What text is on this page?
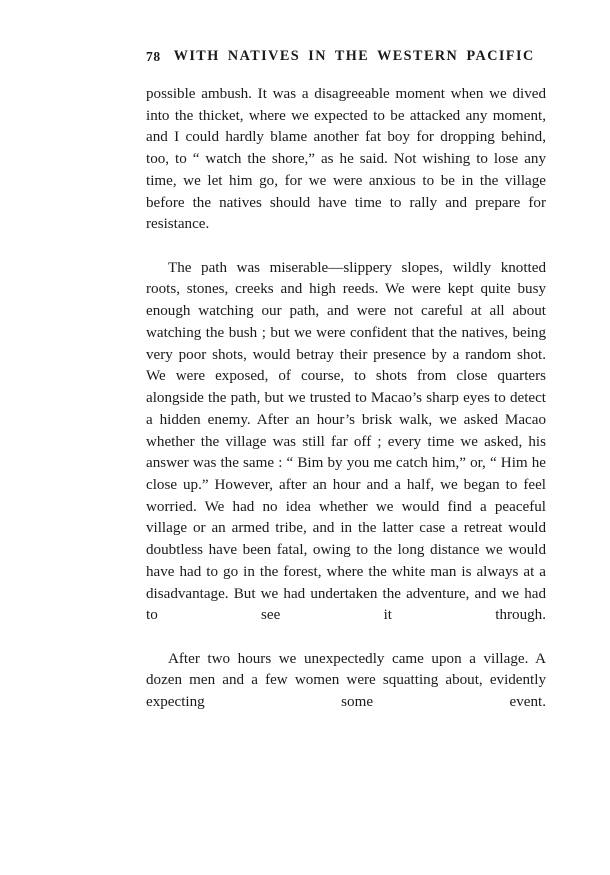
78 WITH NATIVES IN THE WESTERN PACIFIC

possible ambush. It was a disagreeable moment when we dived into the thicket, where we expected to be attacked any moment, and I could hardly blame another fat boy for dropping behind, too, to “ watch the shore,” as he said. Not wishing to lose any time, we let him go, for we were anxious to be in the village before the natives should have time to rally and prepare for resistance.

The path was miserable—slippery slopes, wildly knotted roots, stones, creeks and high reeds. We were kept quite busy enough watching our path, and were not careful at all about watching the bush ; but we were confident that the natives, being very poor shots, would betray their presence by a random shot. We were exposed, of course, to shots from close quarters alongside the path, but we trusted to Macao’s sharp eyes to detect a hidden enemy. After an hour’s brisk walk, we asked Macao whether the village was still far off ; every time we asked, his answer was the same : “ Bim by you me catch him,” or, “ Him he close up.” However, after an hour and a half, we began to feel worried. We had no idea whether we would find a peaceful village or an armed tribe, and in the latter case a retreat would doubtless have been fatal, owing to the long distance we would have had to go in the forest, where the white man is always at a disadvantage. But we had undertaken the adventure, and we had to see it through.

After two hours we unexpectedly came upon a village. A dozen men and a few women were squatting about, evidently expecting some event.
